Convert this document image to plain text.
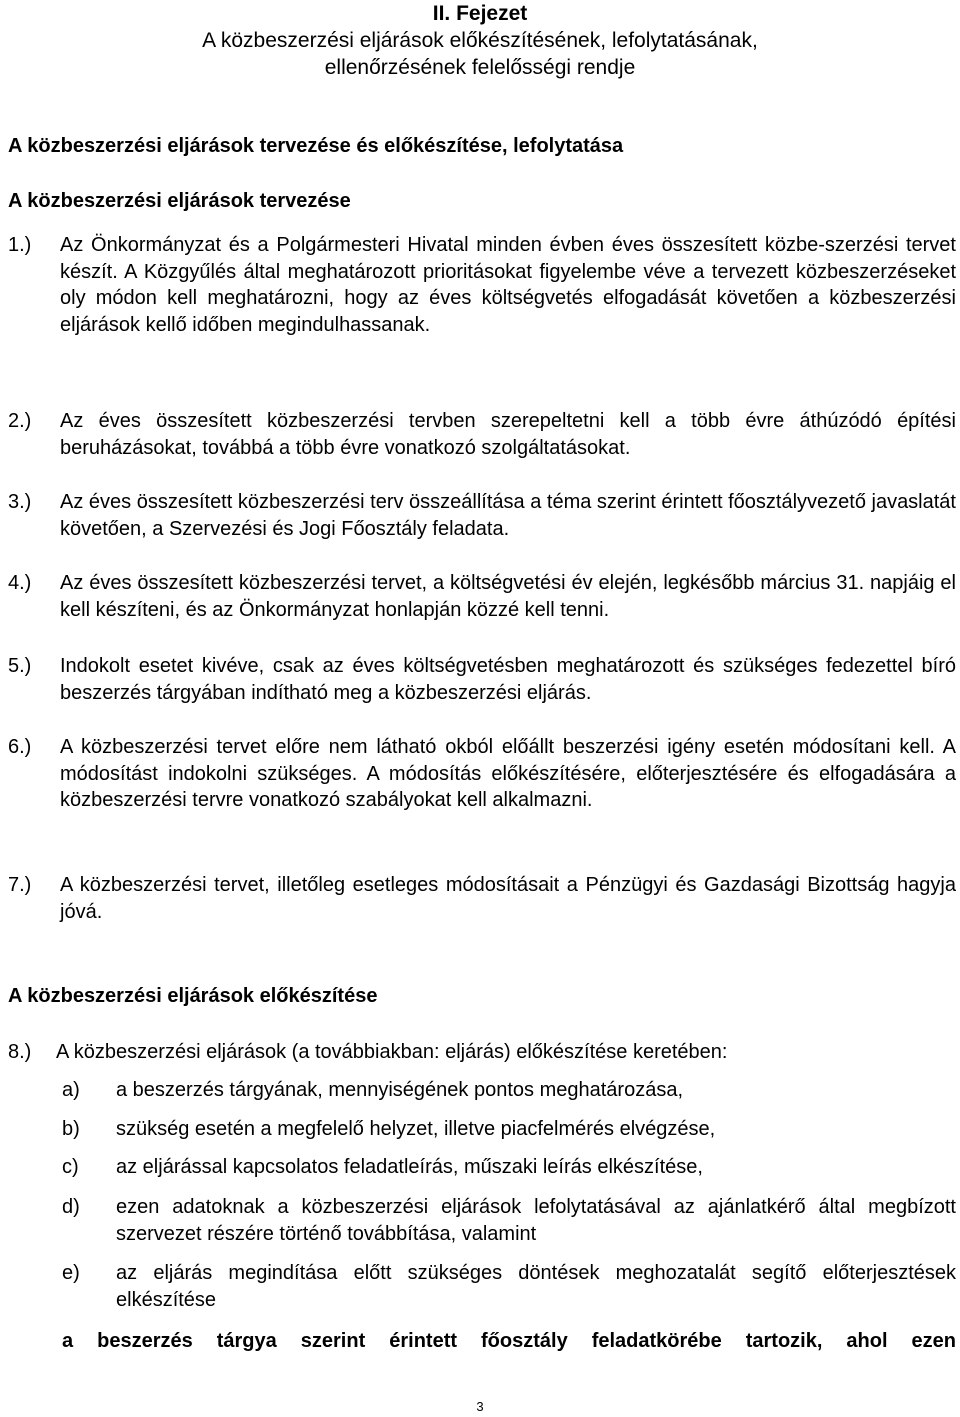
II. Fejezet
A közbeszerzési eljárások előkészítésének, lefolytatásának,
ellenőrzésének felelősségi rendje
A közbeszerzési eljárások tervezése és előkészítése, lefolytatása
A közbeszerzési eljárások tervezése
1.) Az Önkormányzat és a Polgármesteri Hivatal minden évben éves összesített közbe-szerzési tervet készít. A Közgyűlés által meghatározott prioritásokat figyelembe véve a tervezett közbeszerzéseket oly módon kell meghatározni, hogy az éves költségvetés elfogadását követően a közbeszerzési eljárások kellő időben megindulhassanak.
2.) Az éves összesített közbeszerzési tervben szerepeltetni kell a több évre áthúzódó építési beruházásokat, továbbá a több évre vonatkozó szolgáltatásokat.
3.) Az éves összesített közbeszerzési terv összeállítása a téma szerint érintett főosztályvezető javaslatát követően, a Szervezési és Jogi Főosztály feladata.
4.) Az éves összesített közbeszerzési tervet, a költségvetési év elején, legkésőbb március 31. napjáig el kell készíteni, és az Önkormányzat honlapján közzé kell tenni.
5.) Indokolt esetet kivéve, csak az éves költségvetésben meghatározott és szükséges fedezettel bíró beszerzés tárgyában indítható meg a közbeszerzési eljárás.
6.) A közbeszerzési tervet előre nem látható okból előállt beszerzési igény esetén módosítani kell. A módosítást indokolni szükséges. A módosítás előkészítésére, előterjesztésére és elfogadására a közbeszerzési tervre vonatkozó szabályokat kell alkalmazni.
7.) A közbeszerzési tervet, illetőleg esetleges módosításait a Pénzügyi és Gazdasági Bizottság hagyja jóvá.
A közbeszerzési eljárások előkészítése
8.) A közbeszerzési eljárások (a továbbiakban: eljárás) előkészítése keretében:
a) a beszerzés tárgyának, mennyiségének pontos meghatározása,
b) szükség esetén a megfelelő helyzet, illetve piacfelmérés elvégzése,
c) az eljárással kapcsolatos feladatleírás, műszaki leírás elkészítése,
d) ezen adatoknak a közbeszerzési eljárások lefolytatásával az ajánlatkérő által megbízott szervezet részére történő továbbítása, valamint
e) az eljárás megindítása előtt szükséges döntések meghozatalát segítő előterjesztések elkészítése
a beszerzés tárgya szerint érintett főosztály feladatkörébe tartozik, ahol ezen
3
